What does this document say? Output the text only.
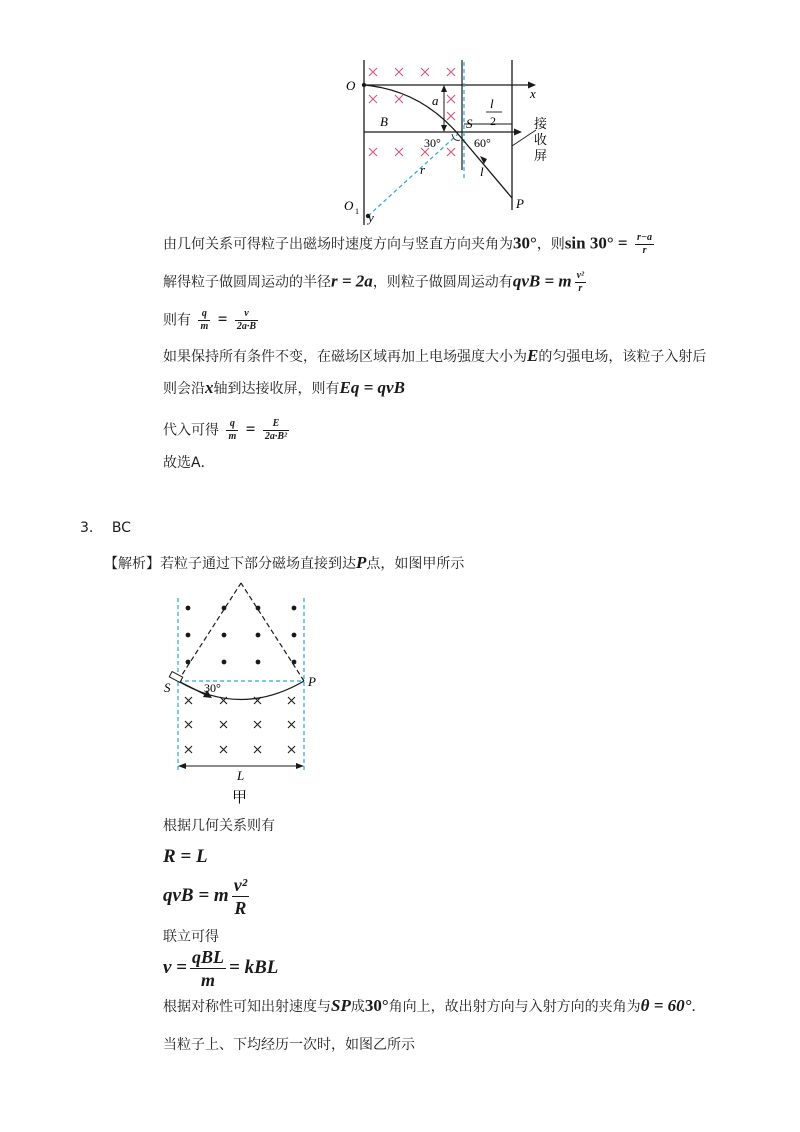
O
x
a	l
2
B	S
30°	60°
接
收
屏
r	l
O 1 y
P
由几何关系可得粒子出磁场时速度方向与竖直方向夹角为30°，则$\sin 30^\circ = \frac{r-a}{r}$
解得粒子做圆周运动的半径r = 2a，则粒子做圆周运动有qvB = m $\frac{\text{v²}}{r}$
则有 $\frac{q}{m} = \frac{v}{2a\cdot B}$
如果保持所有条件不变，在磁场区域再加上电场强度大小为E的匀强电场，该粒子入射后
则会沿x轴到达接收屏，则有Eq = qvB
代入可得 $\frac{q}{m} = \frac{E}{\text{2a·B²}}$
故选A．
3. BC
【解析】若粒子通过下部分磁场直接到达P点，如图甲所示
S	P
30°
L
甲
根据几何关系则有
R = L
qvB = m $\frac{\text{v²}}{R}$
联立可得
$v = \frac{\text{qBL}}{m}$ = kBL
根据对称性可知出射速度与SP成30°角向上，故出射方向与入射方向的夹角为θ = 60°．
当粒子上、下均经历一次时，如图乙所示
